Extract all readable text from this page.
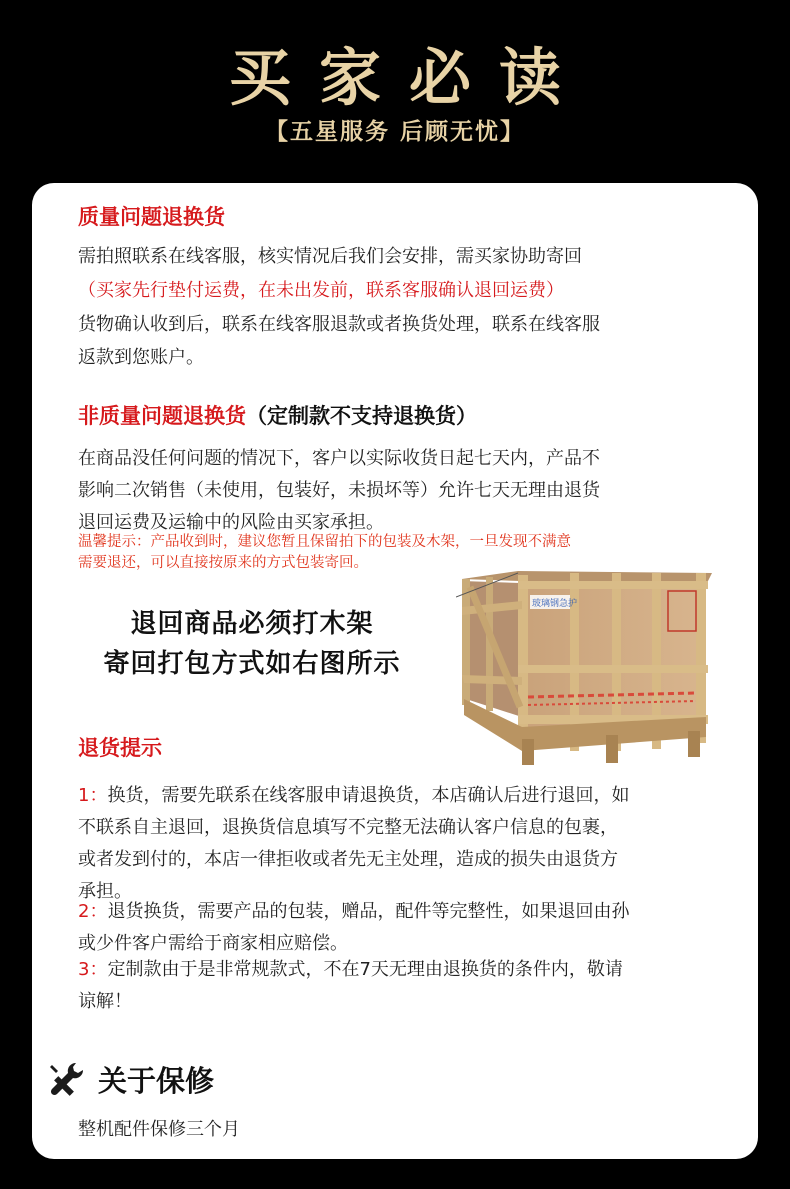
买家必读
【五星服务 后顾无忧】
质量问题退换货
需拍照联系在线客服，核实情况后我们会安排，需买家协助寄回
（买家先行垫付运费，在未出发前，联系客服确认退回运费）
货物确认收到后，联系在线客服退款或者换货处理，联系在线客服
返款到您账户。
非质量问题退换货（定制款不支持退换货）
在商品没任何问题的情况下，客户以实际收货日起七天内，产品不
影响二次销售（未使用，包装好，未损坏等）允许七天无理由退货
退回运费及运输中的风险由买家承担。
温馨提示：产品收到时，建议您暂且保留拍下的包装及木架，一旦发现不满意
需要退还，可以直接按原来的方式包装寄回。
退回商品必须打木架
寄回打包方式如右图所示
玻璃钢急护
退货提示
1：换货，需要先联系在线客服申请退换货，本店确认后进行退回，如
不联系自主退回，退换货信息填写不完整无法确认客户信息的包裹，
或者发到付的，本店一律拒收或者先无主处理，造成的损失由退货方
承担。
2：退货换货，需要产品的包装，赠品，配件等完整性，如果退回由孙
或少件客户需给于商家相应赔偿。
3：定制款由于是非常规款式，不在7天无理由退换货的条件内，敬请
谅解！
关于保修
整机配件保修三个月
